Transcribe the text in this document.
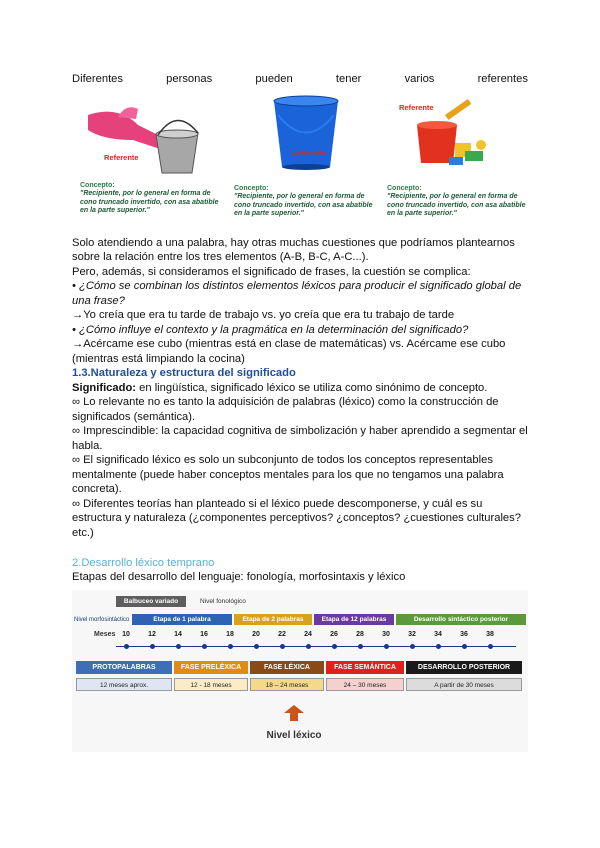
Diferentes	personas	pueden	tener	varios	referentes
Referente
Concepto:
"Recipiente, por lo general en forma de cono truncado invertido, con asa abatible en la parte superior."
Referente
Concepto:
"Recipiente, por lo general en forma de cono truncado invertido, con asa abatible en la parte superior."
Referente
Concepto:
"Recipiente, por lo general en forma de cono truncado invertido, con asa abatible en la parte superior."
Solo atendiendo a una palabra, hay otras muchas cuestiones que podríamos plantearnos
sobre la relación entre los tres elementos (A-B, B-C, A-C...).
Pero, además, si consideramos el significado de frases, la cuestión se complica:
• ¿Cómo se combinan los distintos elementos léxicos para producir el significado global de
una frase?
→Yo creía que era tu tarde de trabajo vs. yo creía que era tu trabajo de tarde
• ¿Cómo influye el contexto y la pragmática en la determinación del significado?
→Acércame ese cubo (mientras está en clase de matemáticas) vs. Acércame ese cubo
(mientras está limpiando la cocina)
1.3.Naturaleza y estructura del significado
Significado: en lingüística, significado léxico se utiliza como sinónimo de concepto.
∞ Lo relevante no es tanto la adquisición de palabras (léxico) como la construcción de
significados (semántica).
∞ Imprescindible: la capacidad cognitiva de simbolización y haber aprendido a segmentar el
habla.
∞ El significado léxico es solo un subconjunto de todos los conceptos representables
mentalmente (puede haber conceptos mentales para los que no tengamos una palabra
concreta).
∞ Diferentes teorías han planteado si el léxico puede descomponerse, y cuál es su
estructura y naturaleza (¿componentes perceptivos? ¿conceptos? ¿cuestiones culturales?
etc.)
2.Desarrollo léxico temprano
Etapas del desarrollo del lenguaje: fonología, morfosintaxis y léxico
Balbuceo variado	Nivel fonológico
Nivel morfosintáctico	Etapa de 1 palabra	Etapa de 2 palabras	Etapa de 12 palabras	Desarrollo sintáctico posterior
Meses 10	12	14	16	18	20	22	24	26	28	30	32	34	36	38
PROTOPALABRAS	FASE PRELÉXICA	FASE LÉXICA	FASE SEMÁNTICA	DESARROLLO POSTERIOR
12 meses aprox.	12 - 18 meses	18 – 24 meses	24 – 30 meses	A partir de 30 meses
Nivel léxico
